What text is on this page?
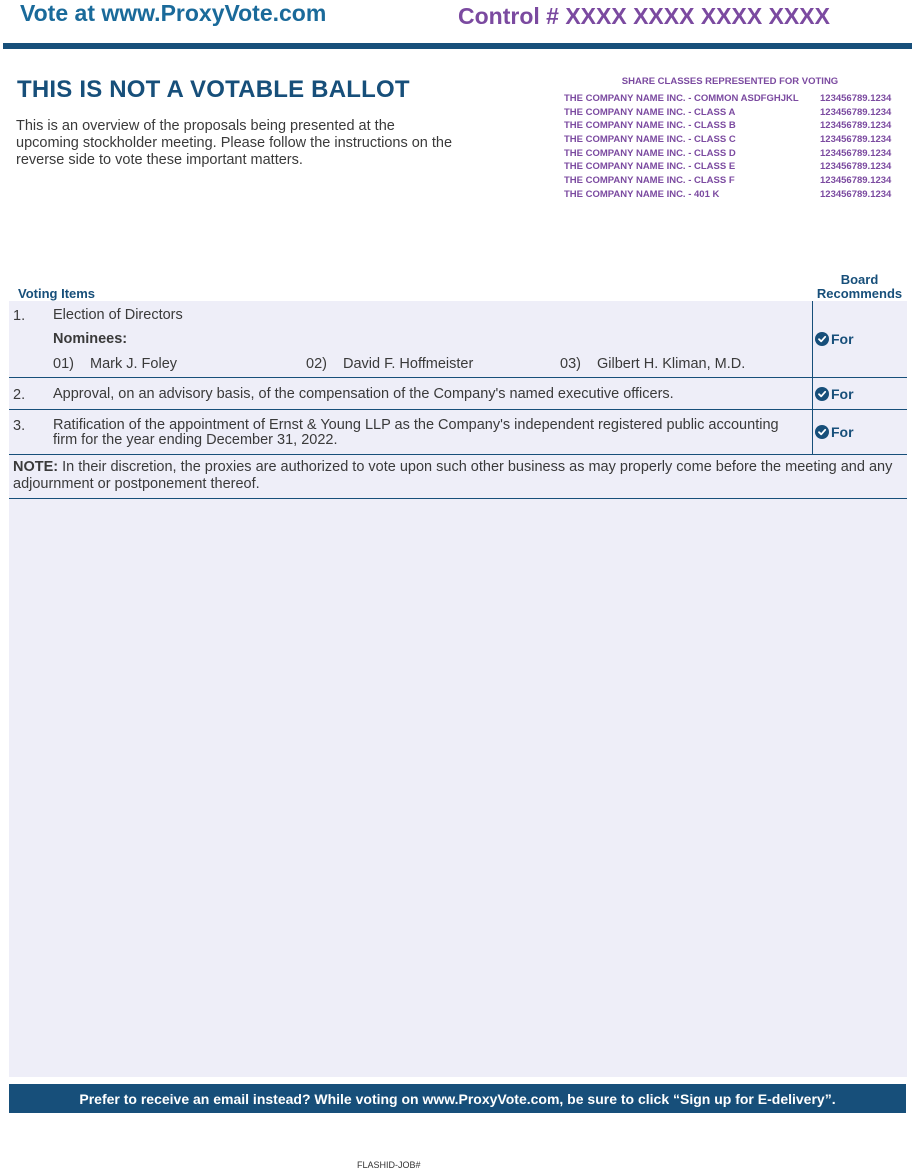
Vote at www.ProxyVote.com	Control # XXXX XXXX XXXX XXXX
THIS IS NOT A VOTABLE BALLOT
This is an overview of the proposals being presented at the upcoming stockholder meeting. Please follow the instructions on the reverse side to vote these important matters.
SHARE CLASSES REPRESENTED FOR VOTING
THE COMPANY NAME INC. - COMMON ASDFGHJKL	123456789.1234
THE COMPANY NAME INC. - CLASS A	123456789.1234
THE COMPANY NAME INC. - CLASS B	123456789.1234
THE COMPANY NAME INC. - CLASS C	123456789.1234
THE COMPANY NAME INC. - CLASS D	123456789.1234
THE COMPANY NAME INC. - CLASS E	123456789.1234
THE COMPANY NAME INC. - CLASS F	123456789.1234
THE COMPANY NAME INC. - 401 K	123456789.1234
Voting Items
Board Recommends
1. Election of Directors
Nominees:
01) Mark J. Foley	02) David F. Hoffmeister	03) Gilbert H. Kliman, M.D.
For
2. Approval, on an advisory basis, of the compensation of the Company's named executive officers.	For
3. Ratification of the appointment of Ernst & Young LLP as the Company's independent registered public accounting firm for the year ending December 31, 2022.	For
NOTE: In their discretion, the proxies are authorized to vote upon such other business as may properly come before the meeting and any adjournment or postponement thereof.
Prefer to receive an email instead? While voting on www.ProxyVote.com, be sure to click “Sign up for E-delivery”.
FLASHID-JOB#
